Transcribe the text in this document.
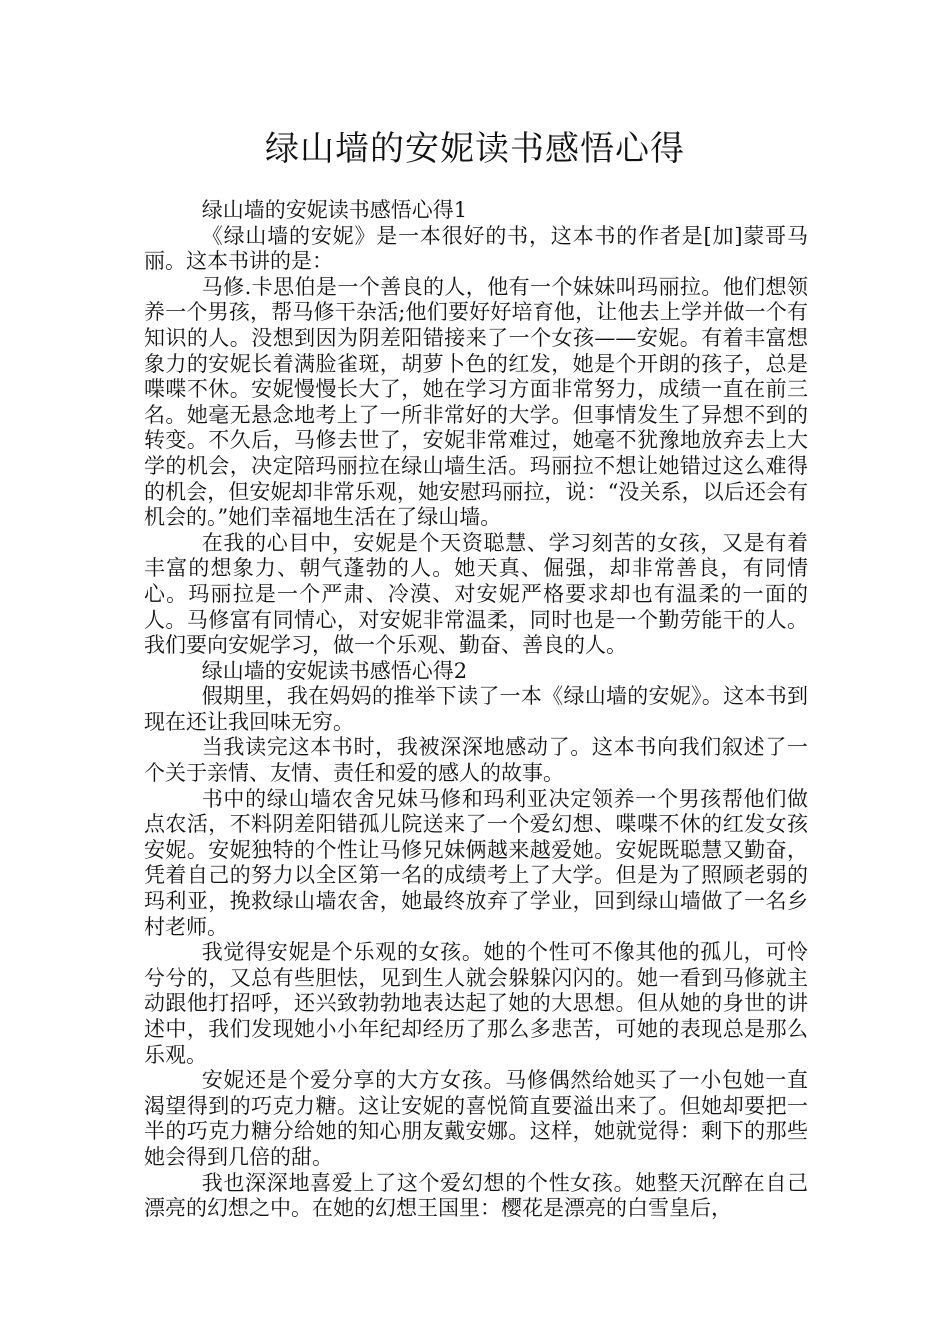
绿山墙的安妮读书感悟心得

绿山墙的安妮读书感悟心得1

《绿山墙的安妮》是一本很好的书，这本书的作者是[加]蒙哥马丽。这本书讲的是：

马修.卡思伯是一个善良的人，他有一个妹妹叫玛丽拉。他们想领养一个男孩，帮马修干杂活;他们要好好培育他，让他去上学并做一个有知识的人。没想到因为阴差阳错接来了一个女孩——安妮。有着丰富想象力的安妮长着满脸雀斑，胡萝卜色的红发，她是个开朗的孩子，总是喋喋不休。安妮慢慢长大了，她在学习方面非常努力，成绩一直在前三名。她毫无悬念地考上了一所非常好的大学。但事情发生了异想不到的转变。不久后，马修去世了，安妮非常难过，她毫不犹豫地放弃去上大学的机会，决定陪玛丽拉在绿山墙生活。玛丽拉不想让她错过这么难得的机会，但安妮却非常乐观，她安慰玛丽拉，说：“没关系，以后还会有机会的。”她们幸福地生活在了绿山墙。

在我的心目中，安妮是个天资聪慧、学习刻苦的女孩，又是有着丰富的想象力、朝气蓬勃的人。她天真、倔强，却非常善良，有同情心。玛丽拉是一个严肃、冷漠、对安妮严格要求却也有温柔的一面的人。马修富有同情心，对安妮非常温柔，同时也是一个勤劳能干的人。我们要向安妮学习，做一个乐观、勤奋、善良的人。

绿山墙的安妮读书感悟心得2

假期里，我在妈妈的推举下读了一本《绿山墙的安妮》。这本书到现在还让我回味无穷。

当我读完这本书时，我被深深地感动了。这本书向我们叙述了一个关于亲情、友情、责任和爱的感人的故事。

书中的绿山墙农舍兄妹马修和玛利亚决定领养一个男孩帮他们做点农活，不料阴差阳错孤儿院送来了一个爱幻想、喋喋不休的红发女孩安妮。安妮独特的个性让马修兄妹俩越来越爱她。安妮既聪慧又勤奋，凭着自己的努力以全区第一名的成绩考上了大学。但是为了照顾老弱的玛利亚，挽救绿山墙农舍，她最终放弃了学业，回到绿山墙做了一名乡村老师。

我觉得安妮是个乐观的女孩。她的个性可不像其他的孤儿，可怜兮兮的，又总有些胆怯，见到生人就会躲躲闪闪的。她一看到马修就主动跟他打招呼，还兴致勃勃地表达起了她的大思想。但从她的身世的讲述中，我们发现她小小年纪却经历了那么多悲苦，可她的表现总是那么乐观。

安妮还是个爱分享的大方女孩。马修偶然给她买了一小包她一直渴望得到的巧克力糖。这让安妮的喜悦简直要溢出来了。但她却要把一半的巧克力糖分给她的知心朋友戴安娜。这样，她就觉得：剩下的那些她会得到几倍的甜。

我也深深地喜爱上了这个爱幻想的个性女孩。她整天沉醉在自己漂亮的幻想之中。在她的幻想王国里：樱花是漂亮的白雪皇后，
